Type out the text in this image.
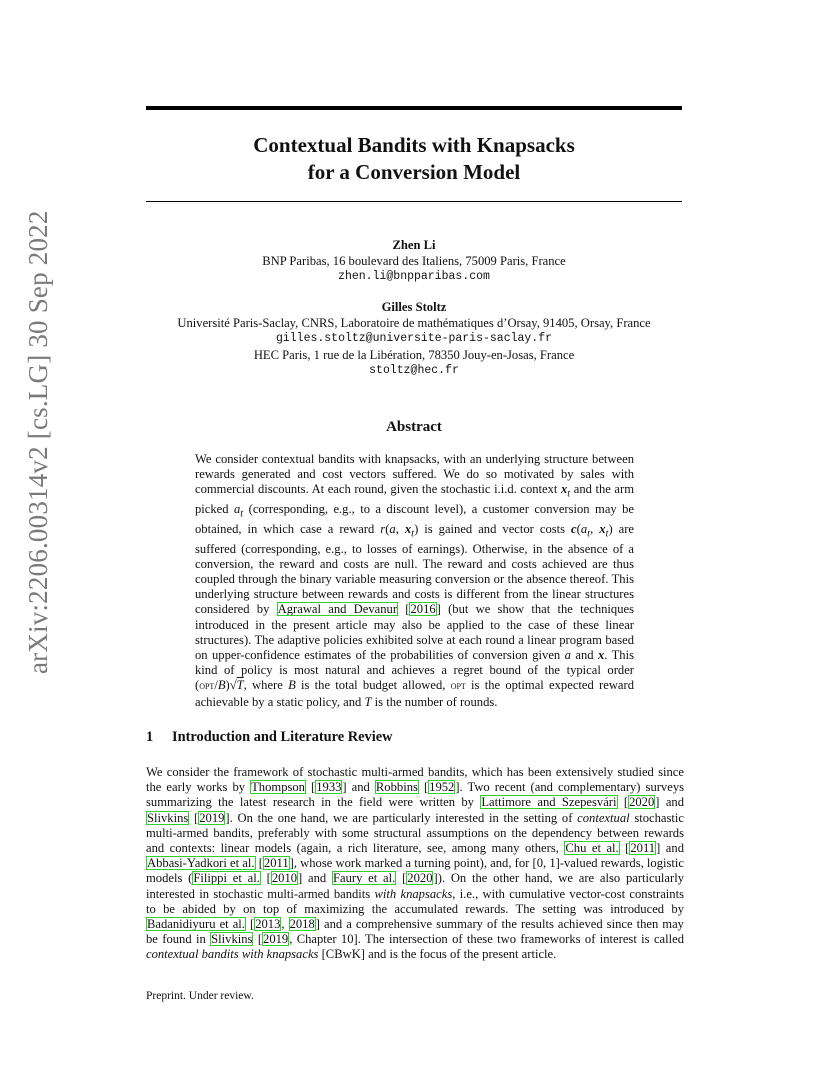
arXiv:2206.00314v2 [cs.LG] 30 Sep 2022
Contextual Bandits with Knapsacks
for a Conversion Model
Zhen Li
BNP Paribas, 16 boulevard des Italiens, 75009 Paris, France
zhen.li@bnpparibas.com
Gilles Stoltz
Université Paris-Saclay, CNRS, Laboratoire de mathématiques d’Orsay, 91405, Orsay, France
gilles.stoltz@universite-paris-saclay.fr
HEC Paris, 1 rue de la Libération, 78350 Jouy-en-Josas, France
stoltz@hec.fr
Abstract

We consider contextual bandits with knapsacks, with an underlying structure between rewards generated and cost vectors suffered. We do so motivated by sales with commercial discounts. At each round, given the stochastic i.i.d. context $x_t$ and the arm picked $a_t$ (corresponding, e.g., to a discount level), a customer conversion may be obtained, in which case a reward r(a, $x_t$) is gained and vector costs $c(a_t$, $x_t$) are suffered (corresponding, e.g., to losses of earnings). Otherwise, in the absence of a conversion, the reward and costs are null. The reward and costs achieved are thus coupled through the binary variable measuring conversion or the absence thereof. This underlying structure between rewards and costs is different from the linear structures considered by Agrawal and Devanur [2016] (but we show that the techniques introduced in the present article may also be applied to the case of these linear structures). The adaptive policies exhibited solve at each round a linear program based on upper-confidence estimates of the probabilities of conversion given a and x. This kind of policy is most natural and achieves a regret bound of the typical order (opt/B)√T, where B is the total budget allowed, opt is the optimal expected reward achievable by a static policy, and T is the number of rounds.

1 Introduction and Literature Review

We consider the framework of stochastic multi-armed bandits, which has been extensively studied since the early works by Thompson [1933] and Robbins [1952]. Two recent (and complementary) surveys summarizing the latest research in the field were written by Lattimore and Szepesvári [2020] and Slivkins [2019]. On the one hand, we are particularly interested in the setting of contextual stochastic multi-armed bandits, preferably with some structural assumptions on the dependency between rewards and contexts: linear models (again, a rich literature, see, among many others, Chu et al. [2011] and Abbasi-Yadkori et al. [2011], whose work marked a turning point), and, for [0, 1]-valued rewards, logistic models (Filippi et al. [2010] and Faury et al. [2020]). On the other hand, we are also particularly interested in stochastic multi-armed bandits with knapsacks, i.e., with cumulative vector-cost constraints to be abided by on top of maximizing the accumulated rewards. The setting was introduced by Badanidiyuru et al. [2013, 2018] and a comprehensive summary of the results achieved since then may be found in Slivkins [2019, Chapter 10]. The intersection of these two frameworks of interest is called contextual bandits with knapsacks [CBwK] and is the focus of the present article.

Preprint. Under review.
